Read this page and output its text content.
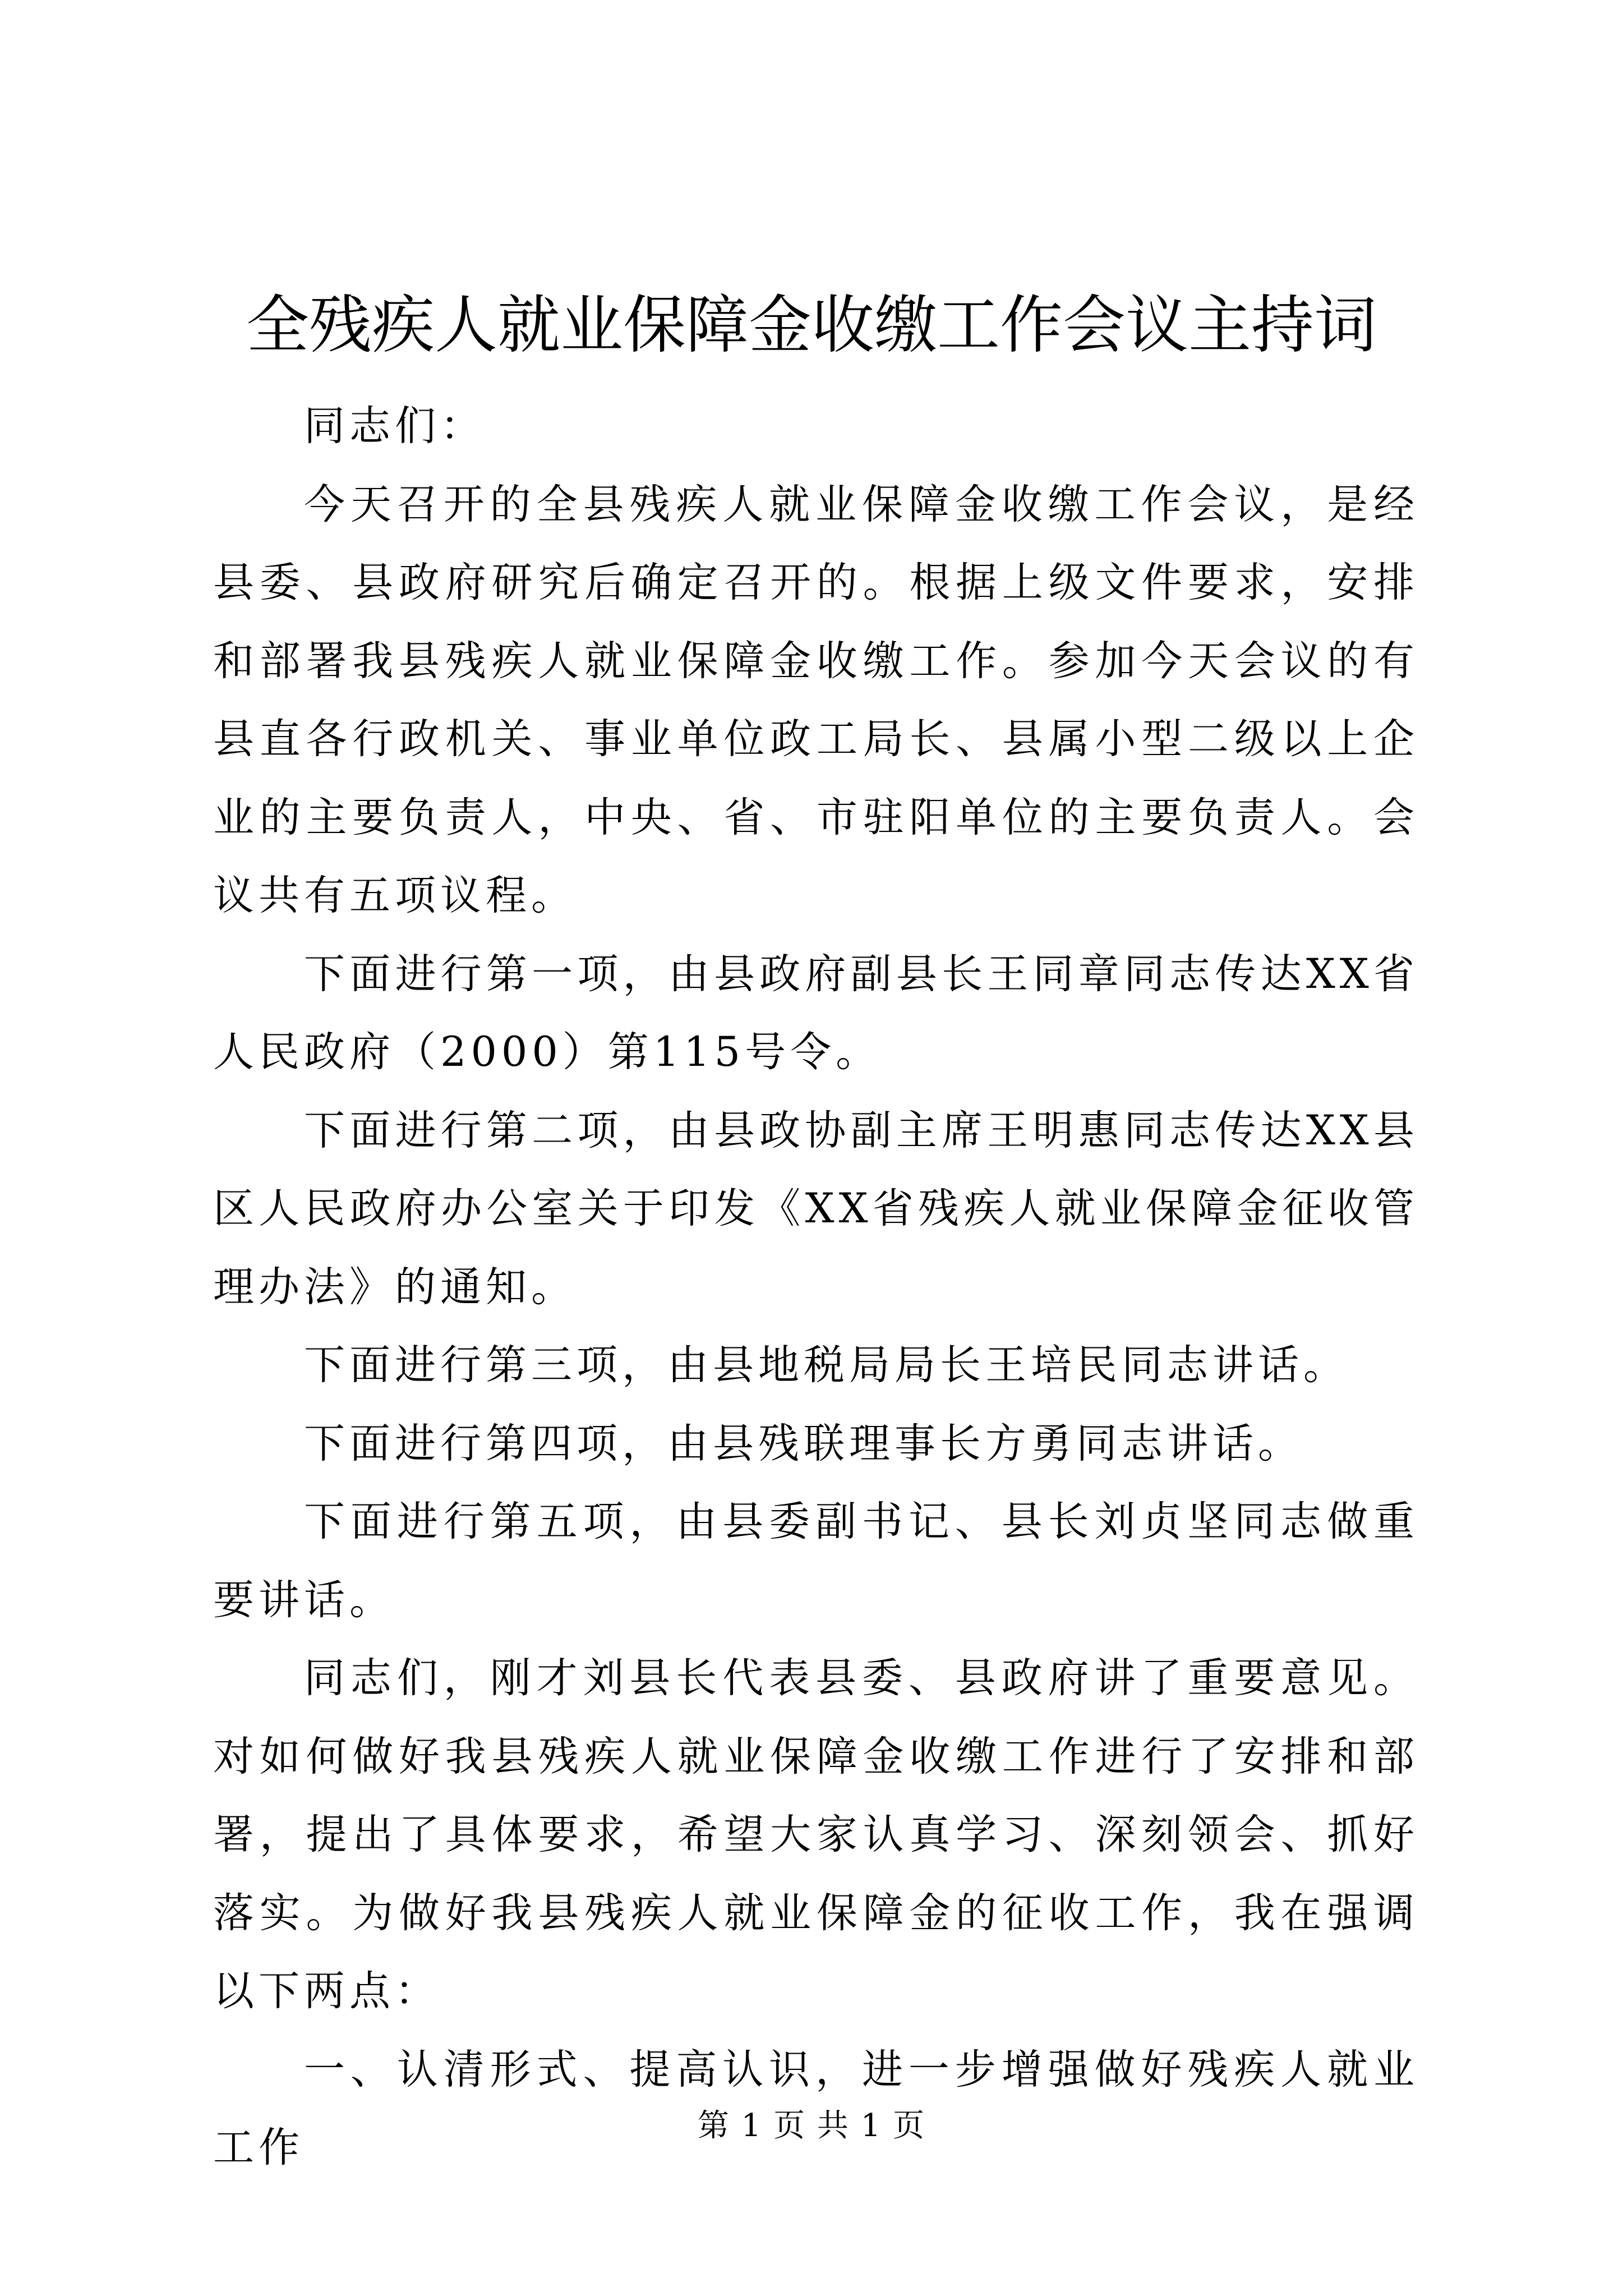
全残疾人就业保障金收缴工作会议主持词

同志们：

今天召开的全县残疾人就业保障金收缴工作会议，是经县委、县政府研究后确定召开的。根据上级文件要求，安排和部署我县残疾人就业保障金收缴工作。参加今天会议的有县直各行政机关、事业单位政工局长、县属小型二级以上企业的主要负责人，中央、省、市驻阳单位的主要负责人。会议共有五项议程。

下面进行第一项，由县政府副县长王同章同志传达XX省人民政府（2000）第115号令。

下面进行第二项，由县政协副主席王明惠同志传达XX县区人民政府办公室关于印发《XX省残疾人就业保障金征收管理办法》的通知。

下面进行第三项，由县地税局局长王培民同志讲话。

下面进行第四项，由县残联理事长方勇同志讲话。

下面进行第五项，由县委副书记、县长刘贞坚同志做重要讲话。

同志们，刚才刘县长代表县委、县政府讲了重要意见。对如何做好我县残疾人就业保障金收缴工作进行了安排和部署，提出了具体要求，希望大家认真学习、深刻领会、抓好落实。为做好我县残疾人就业保障金的征收工作，我在强调以下两点：

一、认清形式、提高认识，进一步增强做好残疾人就业工作	第 1 页 共 1 页
